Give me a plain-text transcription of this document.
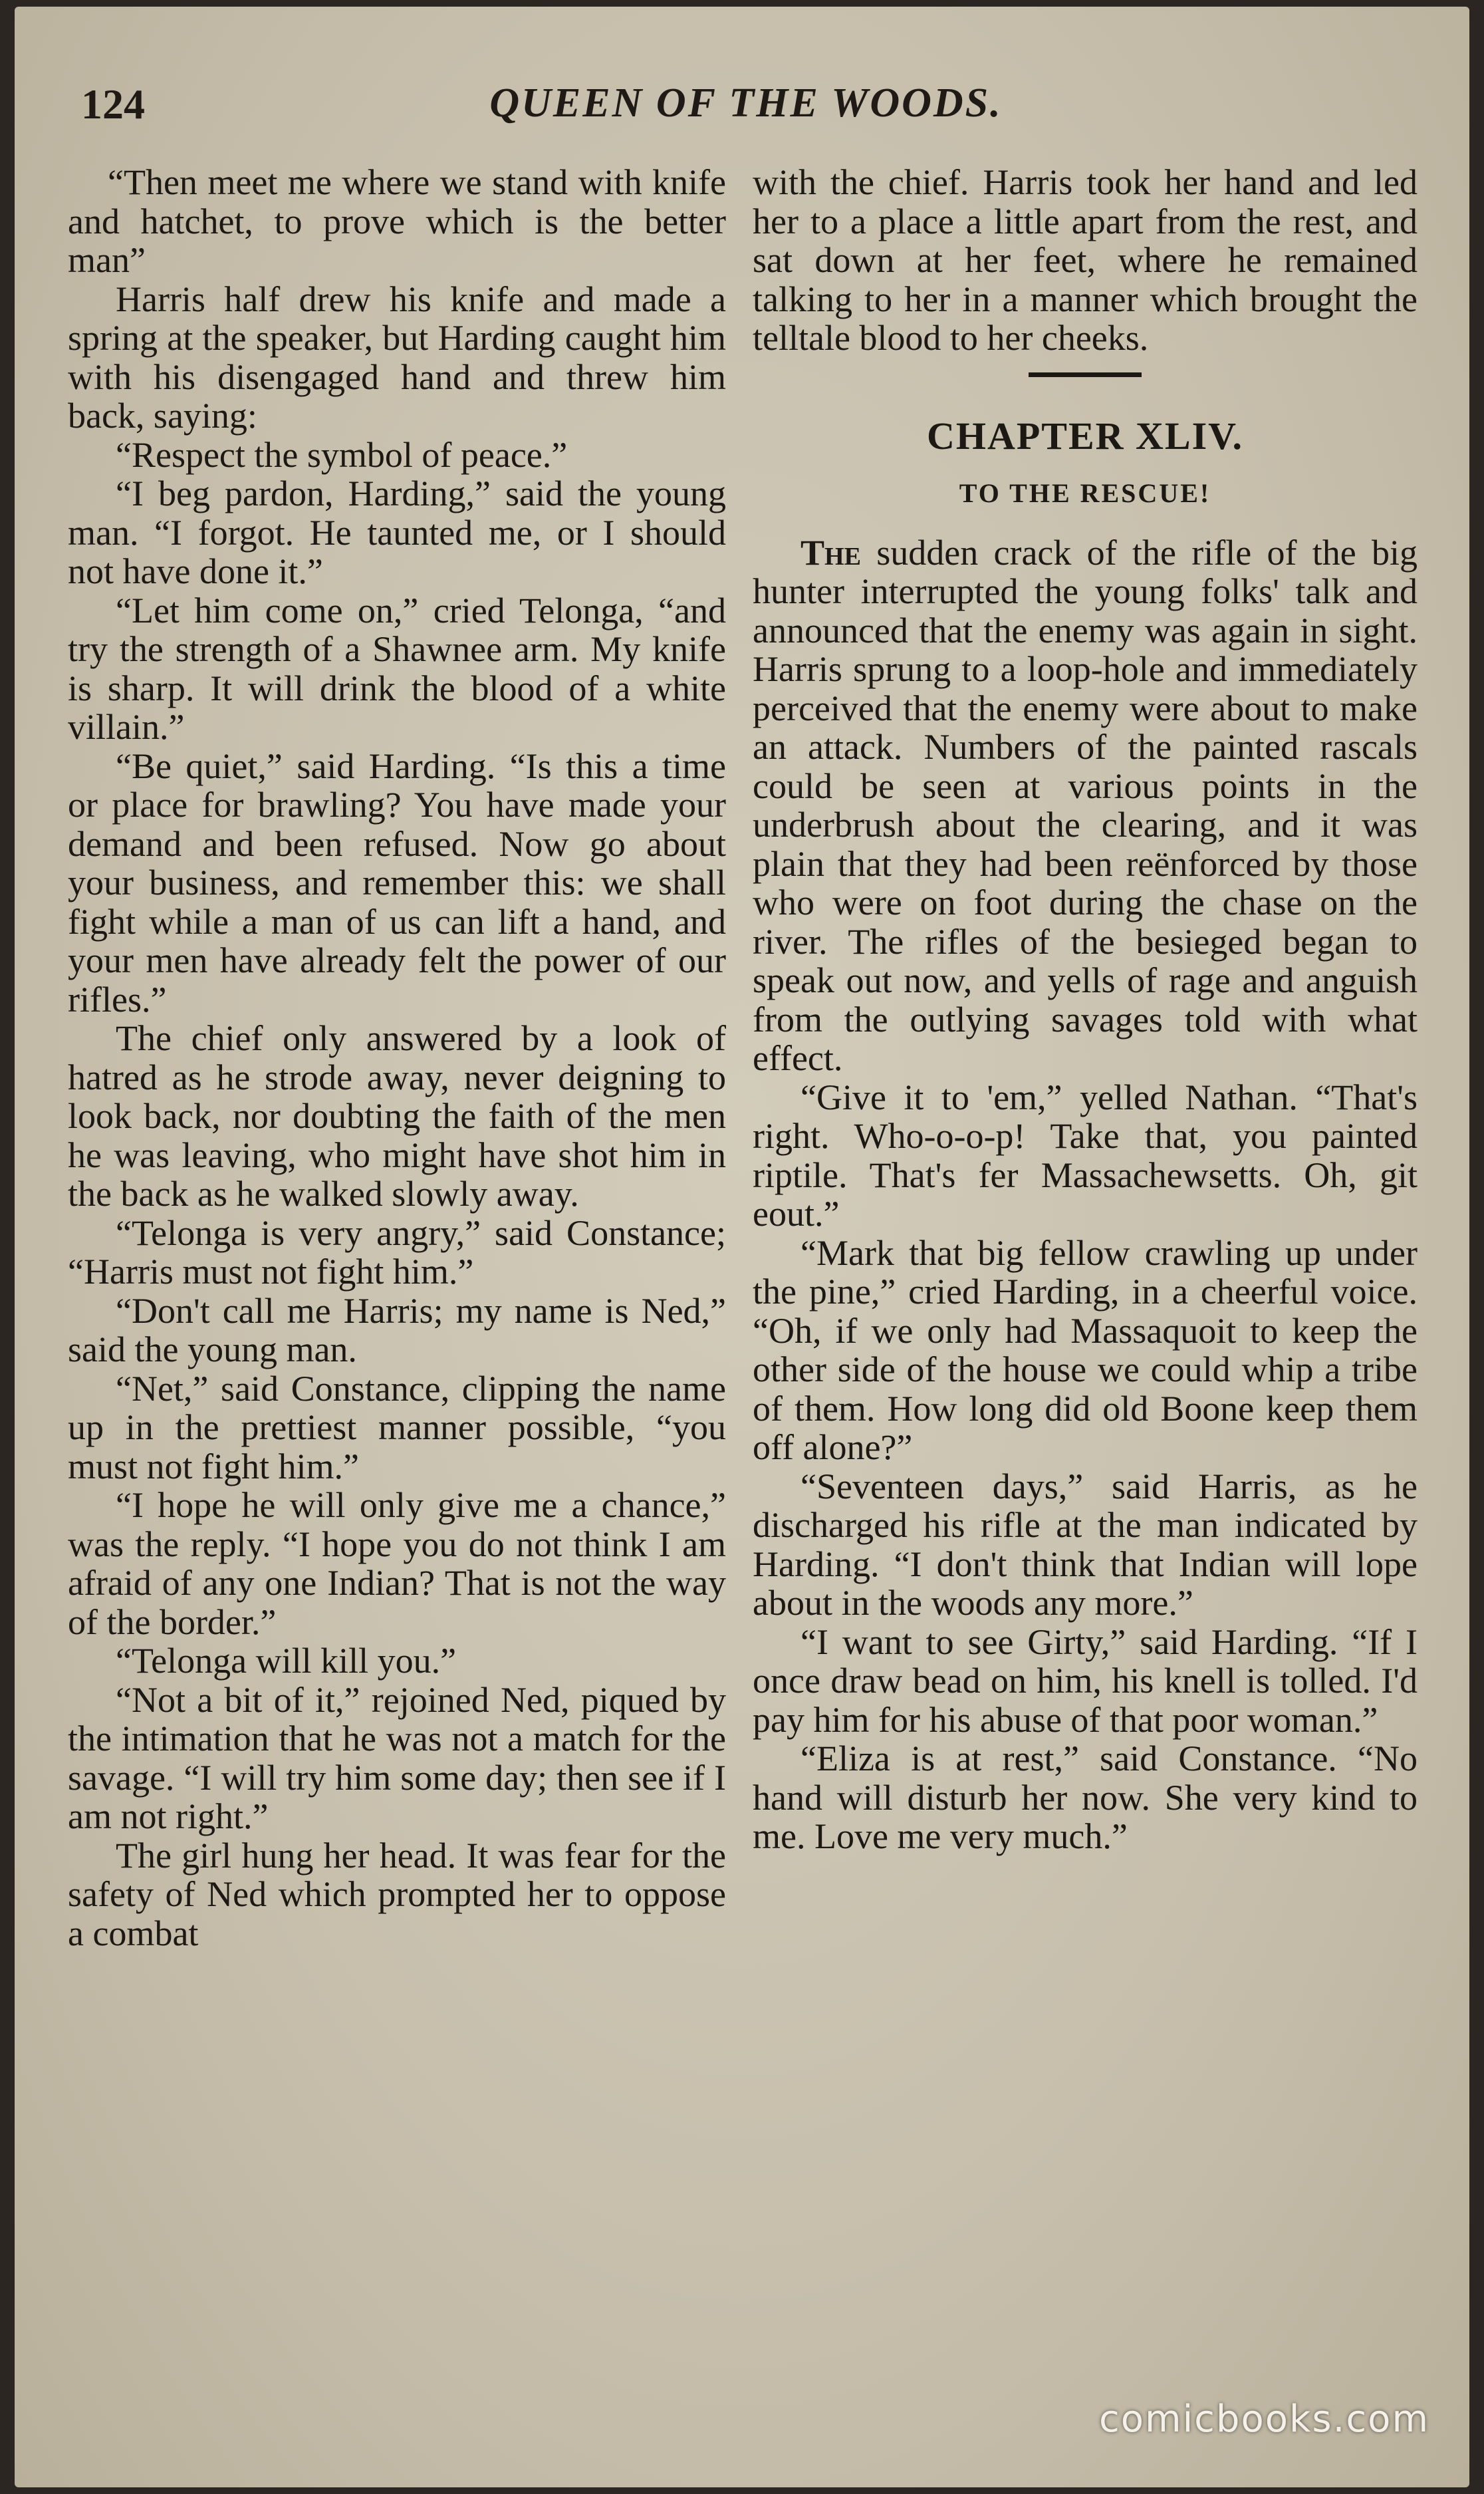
124	QUEEN OF THE WOODS.

“Then meet me where we stand with knife and hatchet, to prove which is the better man”

Harris half drew his knife and made a spring at the speaker, but Harding caught him with his disengaged hand and threw him back, saying:

“Respect the symbol of peace.”

“I beg pardon, Harding,” said the young man. “I forgot. He taunted me, or I should not have done it.”

“Let him come on,” cried Telonga, “and try the strength of a Shawnee arm. My knife is sharp. It will drink the blood of a white villain.”

“Be quiet,” said Harding. “Is this a time or place for brawling? You have made your demand and been refused. Now go about your business, and remember this: we shall fight while a man of us can lift a hand, and your men have already felt the power of our rifles.”

The chief only answered by a look of hatred as he strode away, never deigning to look back, nor doubting the faith of the men he was leaving, who might have shot him in the back as he walked slowly away.

“Telonga is very angry,” said Constance; “Harris must not fight him.”

“Don't call me Harris; my name is Ned,” said the young man.

“Net,” said Constance, clipping the name up in the prettiest manner possible, “you must not fight him.”

“I hope he will only give me a chance,” was the reply. “I hope you do not think I am afraid of any one Indian? That is not the way of the border.”

“Telonga will kill you.”

“Not a bit of it,” rejoined Ned, piqued by the intimation that he was not a match for the savage. “I will try him some day; then see if I am not right.”

The girl hung her head. It was fear for the safety of Ned which prompted her to oppose a combat

with the chief. Harris took her hand and led her to a place a little apart from the rest, and sat down at her feet, where he remained talking to her in a manner which brought the telltale blood to her cheeks.

CHAPTER XLIV.
TO THE RESCUE!

The sudden crack of the rifle of the big hunter interrupted the young folks' talk and announced that the enemy was again in sight. Harris sprung to a loop-hole and immediately perceived that the enemy were about to make an attack. Numbers of the painted rascals could be seen at various points in the underbrush about the clearing, and it was plain that they had been reënforced by those who were on foot during the chase on the river. The rifles of the besieged began to speak out now, and yells of rage and anguish from the outlying savages told with what effect.

“Give it to 'em,” yelled Nathan. “That's right. Who-o-o-p! Take that, you painted riptile. That's fer Massachewsetts. Oh, git eout.”

“Mark that big fellow crawling up under the pine,” cried Harding, in a cheerful voice. “Oh, if we only had Massaquoit to keep the other side of the house we could whip a tribe of them. How long did old Boone keep them off alone?”

“Seventeen days,” said Harris, as he discharged his rifle at the man indicated by Harding. “I don't think that Indian will lope about in the woods any more.”

“I want to see Girty,” said Harding. “If I once draw bead on him, his knell is tolled. I'd pay him for his abuse of that poor woman.”

“Eliza is at rest,” said Constance. “No hand will disturb her now. She very kind to me. Love me very much.”

comicbooks.com
